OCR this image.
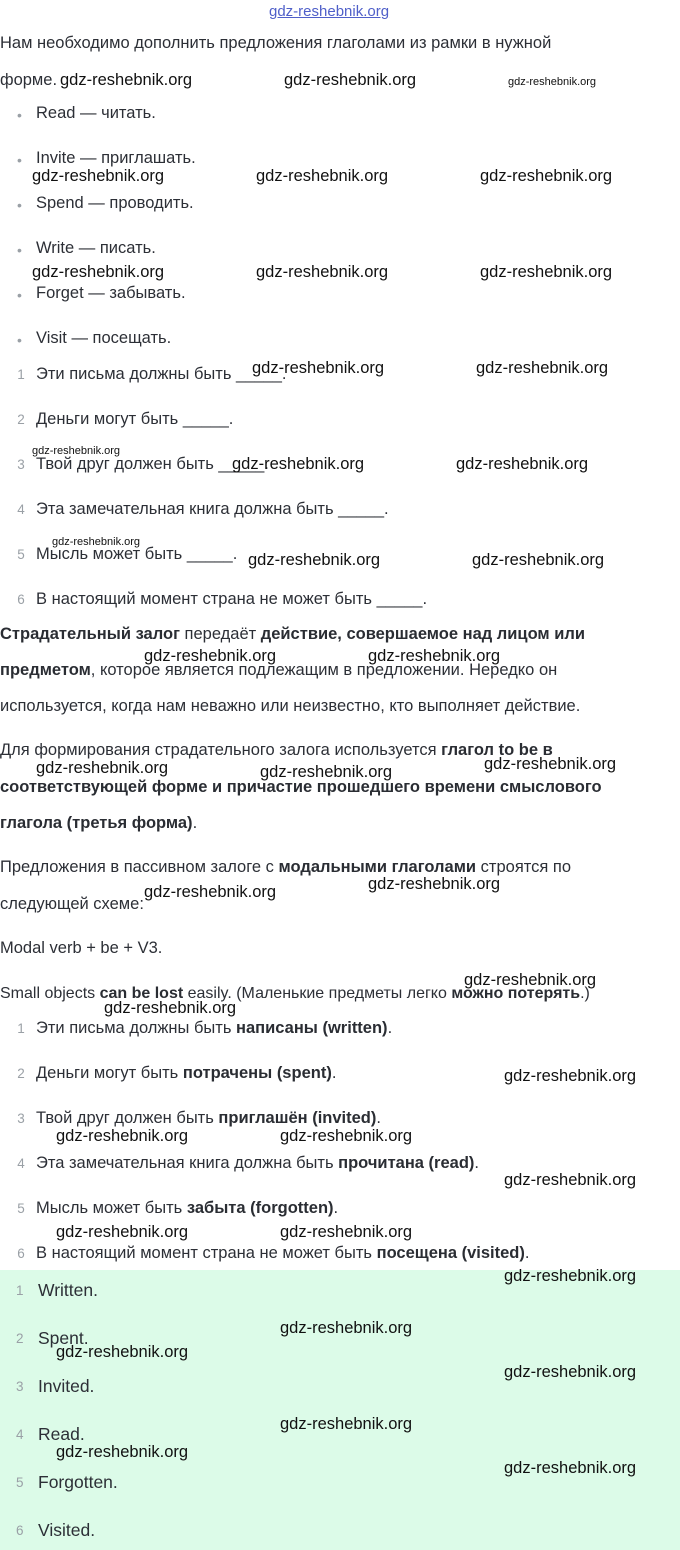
gdz-reshebnik.org
Нам необходимо дополнить предложения глаголами из рамки в нужной
форме.
• Read — читать.
• Invite — приглашать.
• Spend — проводить.
• Write — писать.
• Forget — забывать.
• Visit — посещать.
1 Эти письма должны быть _____.
2 Деньги могут быть _____.
3 Твой друг должен быть _____.
4 Эта замечательная книга должна быть _____.
5 Мысль может быть _____.
6 В настоящий момент страна не может быть _____.
Страдательный залог передаёт действие, совершаемое над лицом или
предметом, которое является подлежащим в предложении. Нередко он
используется, когда нам неважно или неизвестно, кто выполняет действие.
Для формирования страдательного залога используется глагол to be в
соответствующей форме и причастие прошедшего времени смыслового
глагола (третья форма).
Предложения в пассивном залоге с модальными глаголами строятся по
следующей схеме:
Modal verb + be + V3.
Small objects can be lost easily. (Маленькие предметы легко можно потерять.)
1 Эти письма должны быть написаны (written).
2 Деньги могут быть потрачены (spent).
3 Твой друг должен быть приглашён (invited).
4 Эта замечательная книга должна быть прочитана (read).
5 Мысль может быть забыта (forgotten).
6 В настоящий момент страна не может быть посещена (visited).
1 Written.
2 Spent.
3 Invited.
4 Read.
5 Forgotten.
6 Visited.
gdz-reshebnik.org	gdz-reshebnik.org	gdz-reshebnik.org
gdz-reshebnik.org	gdz-reshebnik.org	gdz-reshebnik.org
gdz-reshebnik.org	gdz-reshebnik.org	gdz-reshebnik.org
gdz-reshebnik.org	gdz-reshebnik.org
gdz-reshebnik.org
gdz-reshebnik.org	gdz-reshebnik.org
gdz-reshebnik.org
gdz-reshebnik.org	gdz-reshebnik.org
gdz-reshebnik.org	gdz-reshebnik.org
gdz-reshebnik.org	gdz-reshebnik.org	gdz-reshebnik.org
gdz-reshebnik.org	gdz-reshebnik.org
gdz-reshebnik.org
gdz-reshebnik.org
gdz-reshebnik.org
gdz-reshebnik.org	gdz-reshebnik.org
gdz-reshebnik.org
gdz-reshebnik.org	gdz-reshebnik.org
gdz-reshebnik.org
gdz-reshebnik.org
gdz-reshebnik.org
gdz-reshebnik.org
gdz-reshebnik.org
gdz-reshebnik.org
gdz-reshebnik.org
